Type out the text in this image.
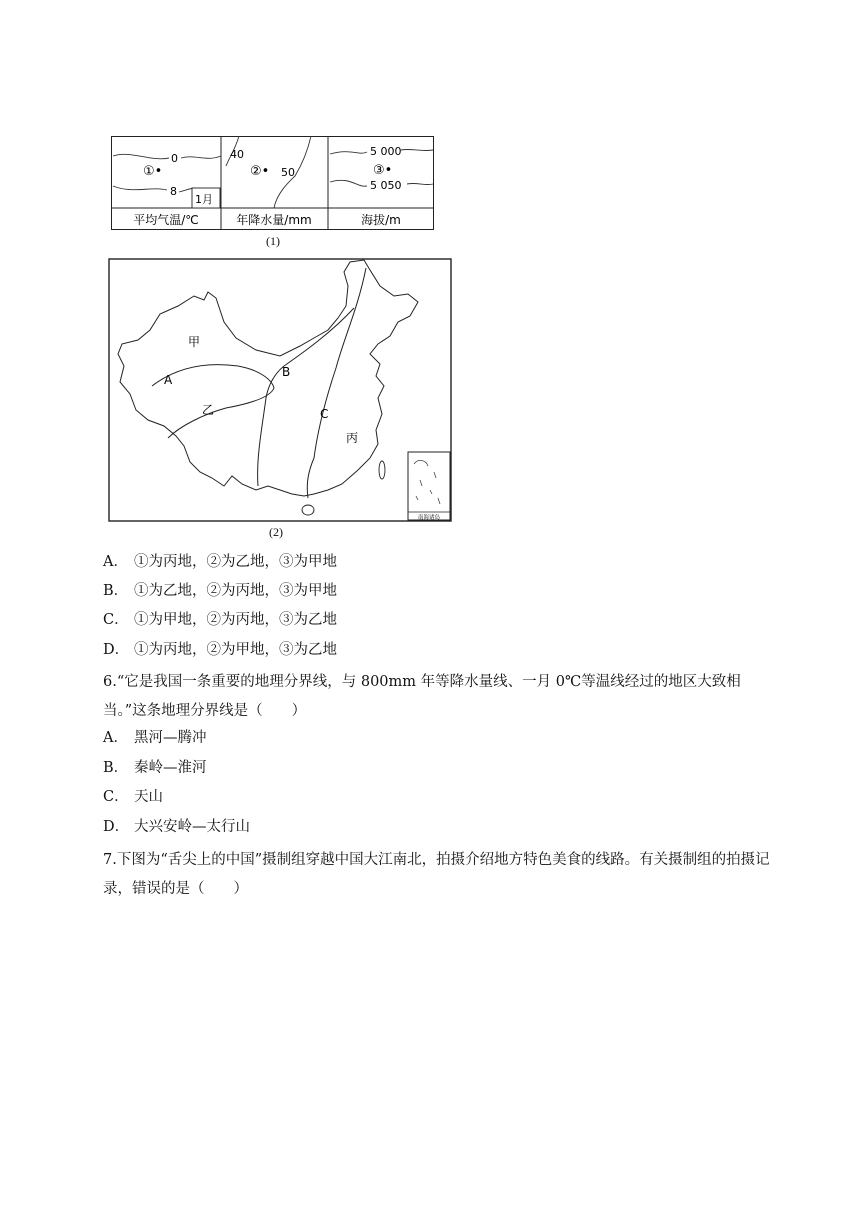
0
8
①•
1月
平均气温/℃
40
50
②•
年降水量/mm
5 000
5 050
③•
海拔/m
(1)
甲
乙
丙
A
B
C
南海诸岛
(2)
A． ①为丙地，②为乙地，③为甲地
B． ①为乙地，②为丙地，③为甲地
C． ①为甲地，②为丙地，③为乙地
D． ①为丙地，②为甲地，③为乙地
6.“它是我国一条重要的地理分界线，与 800mm 年等降水量线、一月 0℃等温线经过的地区大致相当。”这条地理分界线是（　　）
A． 黑河—腾冲
B． 秦岭—淮河
C． 天山
D． 大兴安岭—太行山
7.下图为“舌尖上的中国”摄制组穿越中国大江南北，拍摄介绍地方特色美食的线路。有关摄制组的拍摄记录，错误的是（　　）
